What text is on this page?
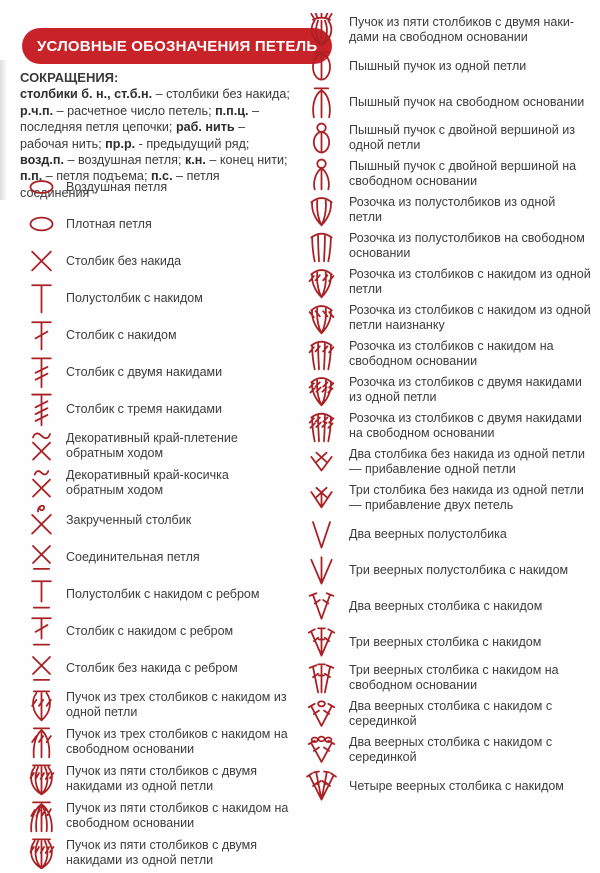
УСЛОВНЫЕ ОБОЗНАЧЕНИЯ ПЕТЕЛЬ
СОКРАЩЕНИЯ:
столбики б. н., ст.б.н. – столбики без накида; р.ч.п. – расчетное число петель; п.п.ц. – последняя петля цепочки; раб. нить – рабочая нить; пр.р. - предыдущий ряд; возд.п. – воздушная петля; к.н. – конец нити; п.п. – петля подъема; п.с. – петля соединения
Воздушная петля
Плотная петля
Столбик без накида
Полустолбик с накидом
Столбик с накидом
Столбик с двумя накидами
Столбик с тремя накидами
Декоративный край-плетение обратным ходом
Декоративный край-косичка обратным ходом
Закрученный столбик
Соединительная петля
Полустолбик с накидом с ребром
Столбик с накидом с ребром
Столбик без накида с ребром
Пучок из трех столбиков с накидом из одной петли
Пучок из трех столбиков с накидом на свободном основании
Пучок из пяти столбиков с двумя накидами из одной петли
Пучок из пяти столбиков с накидом на свободном основании
Пучок из пяти столбиков с двумя накидами из одной петли
Пучок из пяти столбиков с двумя накидами на свободном основании
Пышный пучок из одной петли
Пышный пучок на свободном основании
Пышный пучок с двойной вершиной из одной петли
Пышный пучок с двойной вершиной на свободном основании
Розочка из полустолбиков из одной петли
Розочка из полустолбиков на свободном основании
Розочка из столбиков с накидом из одной петли
Розочка из столбиков с накидом из одной петли наизнанку
Розочка из столбиков с накидом на свободном основании
Розочка из столбиков с двумя накидами из одной петли
Розочка из столбиков с двумя накидами на свободном основании
Два столбика без накида из одной петли — прибавление одной петли
Три столбика без накида из одной петли — прибавление двух петель
Два веерных полустолбика
Три веерных полустолбика с накидом
Два веерных столбика с накидом
Три веерных столбика с накидом
Три веерных столбика с накидом на свободном основании
Два веерных столбика с накидом с серединкой
Два веерных столбика с накидом с серединкой
Четыре веерных столбика с накидом
